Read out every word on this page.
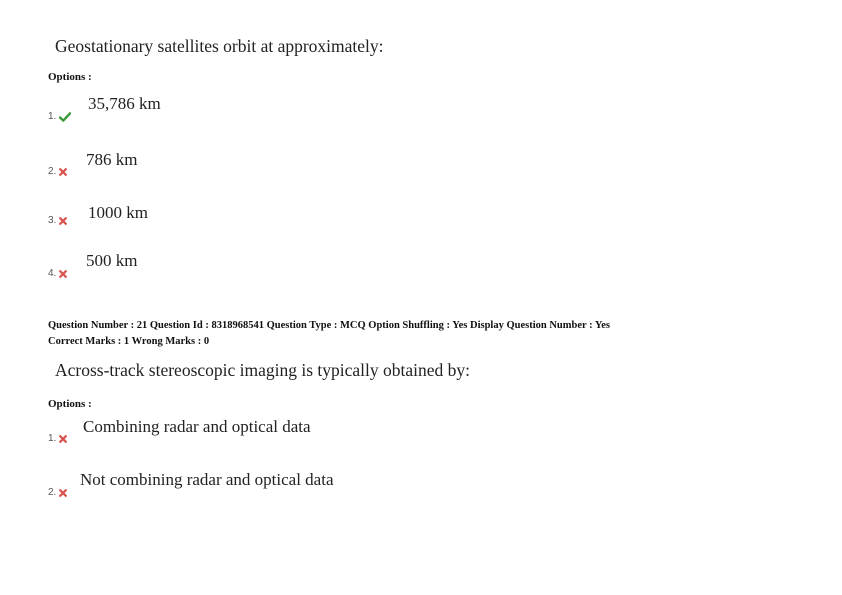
Geostationary satellites orbit at approximately:
Options :
1.
35,786 km
2.
786 km
3. 1000 km
4.
500 km
Question Number : 21 Question Id : 8318968541 Question Type : MCQ Option Shuffling : Yes Display Question Number : Yes
Correct Marks : 1 Wrong Marks : 0
Across-track stereoscopic imaging is typically obtained by:
Options :
1.
Combining radar and optical data
2.
Not combining radar and optical data
